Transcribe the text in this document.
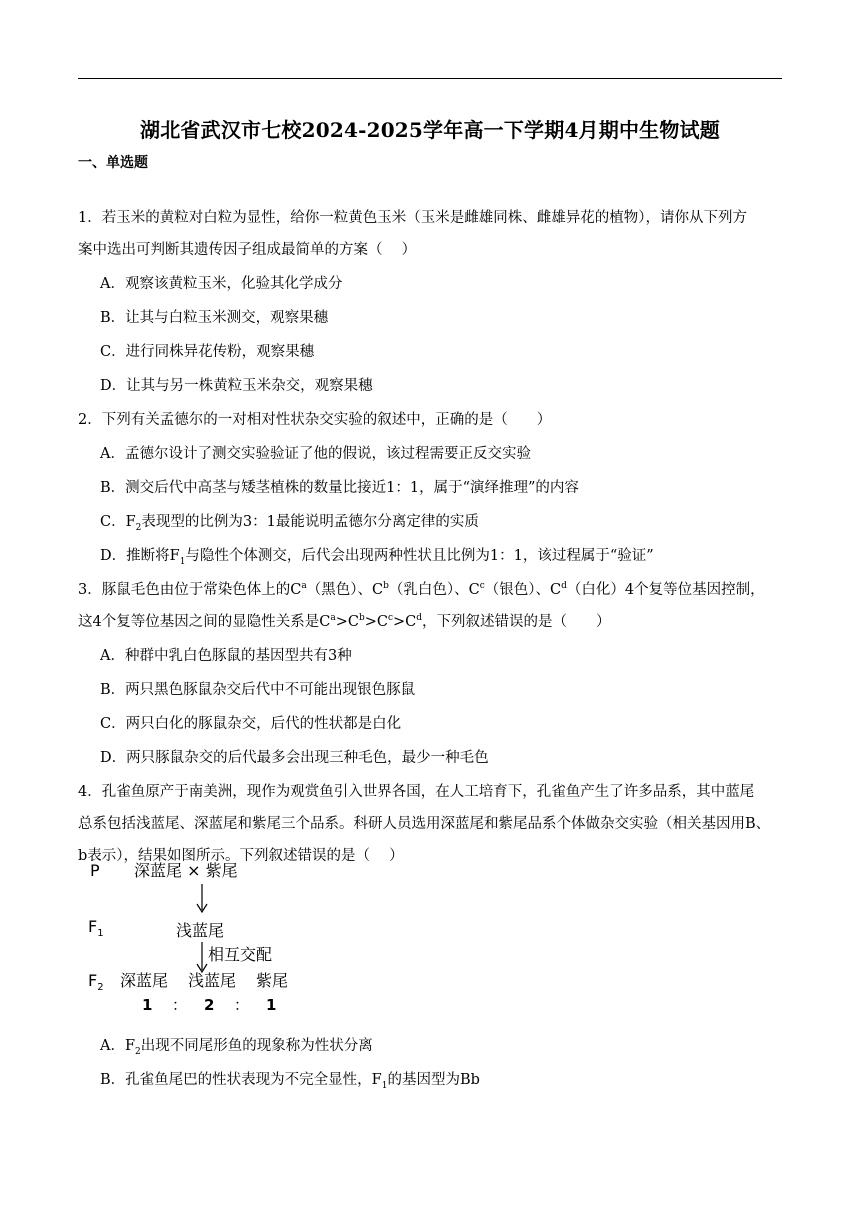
湖北省武汉市七校2024-2025学年高一下学期4月期中生物试题
一、单选题
1．若玉米的黄粒对白粒为显性，给你一粒黄色玉米（玉米是雌雄同株、雌雄异花的植物），请你从下列方
案中选出可判断其遗传因子组成最简单的方案（　 ）
A．观察该黄粒玉米，化验其化学成分
B．让其与白粒玉米测交，观察果穗
C．进行同株异花传粉，观察果穗
D．让其与另一株黄粒玉米杂交，观察果穗
2．下列有关孟德尔的一对相对性状杂交实验的叙述中，正确的是（　　）
A．孟德尔设计了测交实验验证了他的假说，该过程需要正反交实验
B．测交后代中高茎与矮茎植株的数量比接近1：1，属于“演绎推理”的内容
C．$F_2$表现型的比例为3：1最能说明孟德尔分离定律的实质
D．推断将$F_1$与隐性个体测交，后代会出现两种性状且比例为1：1，该过程属于“验证”
3．豚鼠毛色由位于常染色体上的$C^a$（黑色）、$C^b$（乳白色）、$C^c$（银色）、$C^d$（白化）4个复等位基因控制，
这4个复等位基因之间的显隐性关系是$C^a>C^b>C^c>C^d$，下列叙述错误的是（　　）
A．种群中乳白色豚鼠的基因型共有3种
B．两只黑色豚鼠杂交后代中不可能出现银色豚鼠
C．两只白化的豚鼠杂交，后代的性状都是白化
D．两只豚鼠杂交的后代最多会出现三种毛色，最少一种毛色
4．孔雀鱼原产于南美洲，现作为观赏鱼引入世界各国，在人工培育下，孔雀鱼产生了许多品系，其中蓝尾
总系包括浅蓝尾、深蓝尾和紫尾三个品系。科研人员选用深蓝尾和紫尾品系个体做杂交实验（相关基因用B、
b表示），结果如图所示。下列叙述错误的是（　 ）
P 深蓝尾 × 紫尾
$F_1$	浅蓝尾
相互交配
$F_2$ 深蓝尾 浅蓝尾 紫尾
1 ： 2 ： 1
A．$F_2$出现不同尾形鱼的现象称为性状分离
B．孔雀鱼尾巴的性状表现为不完全显性，$F_1$的基因型为Bb
